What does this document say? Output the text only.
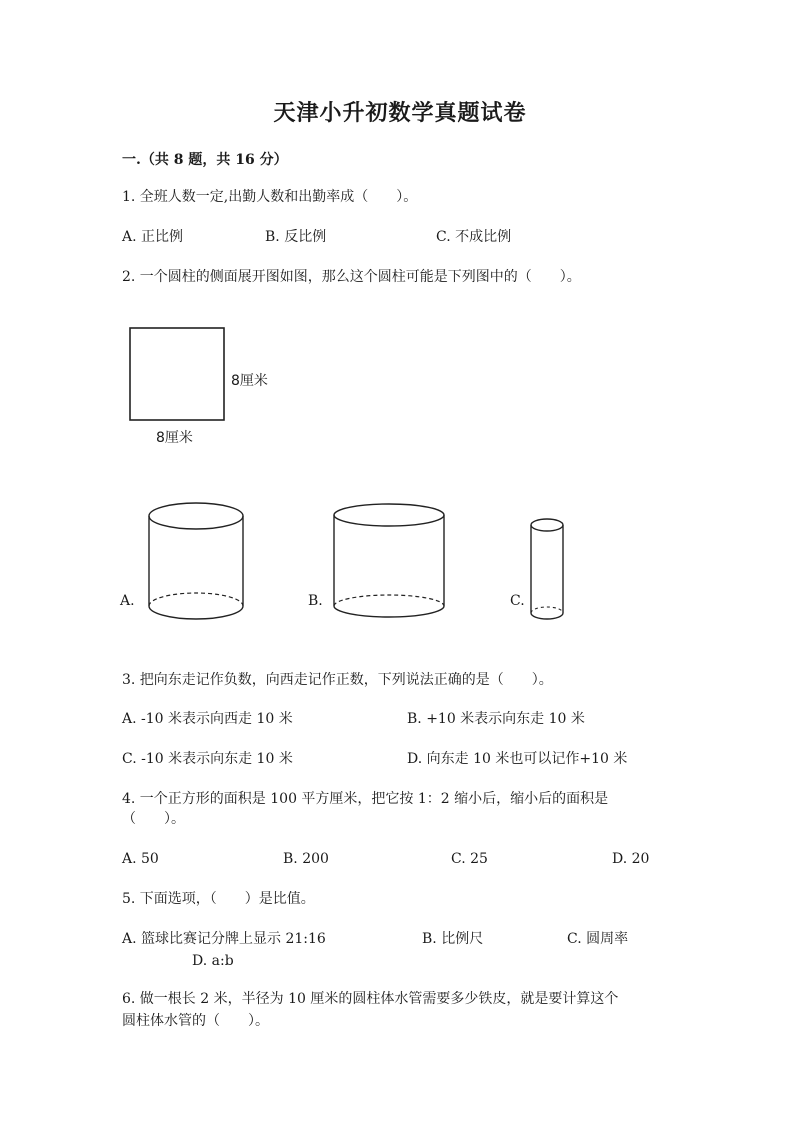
天津小升初数学真题试卷
一.（共 8 题，共 16 分）
1. 全班人数一定,出勤人数和出勤率成（　　）。
A. 正比例	B. 反比例	C. 不成比例
2. 一个圆柱的侧面展开图如图，那么这个圆柱可能是下列图中的（　　）。
8厘米
8厘米
A.	B.	C.
3. 把向东走记作负数，向西走记作正数，下列说法正确的是（　　）。
A. -10 米表示向西走 10 米	B. +10 米表示向东走 10 米
C. -10 米表示向东走 10 米	D. 向东走 10 米也可以记作+10 米
4. 一个正方形的面积是 100 平方厘米，把它按 1：2 缩小后，缩小后的面积是
（　　）。
A. 50	B. 200	C. 25	D. 20
5. 下面选项，（　　）是比值。
A. 篮球比赛记分牌上显示 21:16	B. 比例尺	C. 圆周率
D. a:b
6. 做一根长 2 米，半径为 10 厘米的圆柱体水管需要多少铁皮，就是要计算这个
圆柱体水管的（　　）。
